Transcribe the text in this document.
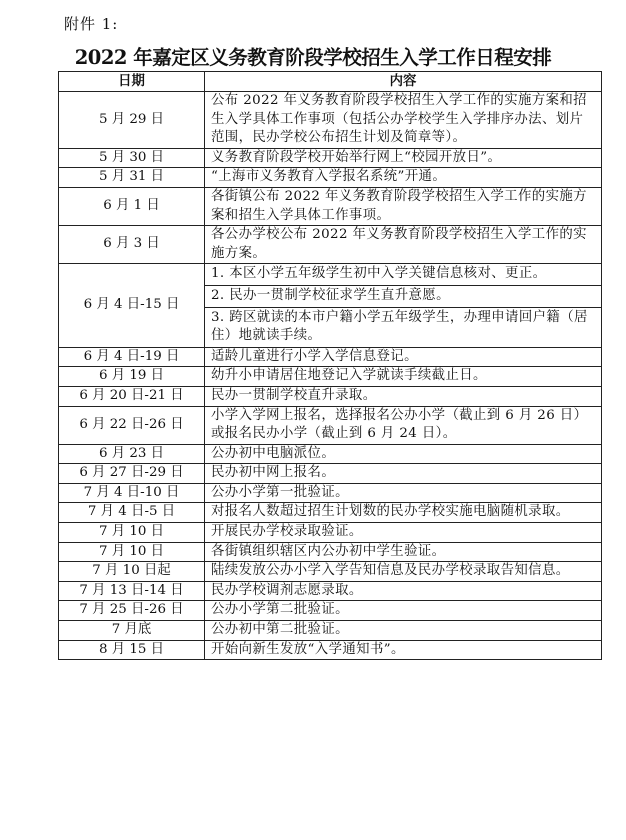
附件 1:
2022 年嘉定区义务教育阶段学校招生入学工作日程安排
日期	内容
5 月 29 日	公布 2022 年义务教育阶段学校招生入学工作的实施方案和招生入学具体工作事项（包括公办学校学生入学排序办法、划片范围，民办学校公布招生计划及简章等）。
5 月 30 日	义务教育阶段学校开始举行网上“校园开放日”。
5 月 31 日	“上海市义务教育入学报名系统”开通。
6 月 1 日	各街镇公布 2022 年义务教育阶段学校招生入学工作的实施方案和招生入学具体工作事项。
6 月 3 日	各公办学校公布 2022 年义务教育阶段学校招生入学工作的实施方案。
6 月 4 日-15 日	1. 本区小学五年级学生初中入学关键信息核对、更正。
	2. 民办一贯制学校征求学生直升意愿。
	3. 跨区就读的本市户籍小学五年级学生，办理申请回户籍（居住）地就读手续。
6 月 4 日-19 日	适龄儿童进行小学入学信息登记。
6 月 19 日	幼升小申请居住地登记入学就读手续截止日。
6 月 20 日-21 日	民办一贯制学校直升录取。
6 月 22 日-26 日	小学入学网上报名，选择报名公办小学（截止到 6 月 26 日）或报名民办小学（截止到 6 月 24 日）。
6 月 23 日	公办初中电脑派位。
6 月 27 日-29 日	民办初中网上报名。
7 月 4 日-10 日	公办小学第一批验证。
7 月 4 日-5 日	对报名人数超过招生计划数的民办学校实施电脑随机录取。
7 月 10 日	开展民办学校录取验证。
7 月 10 日	各街镇组织辖区内公办初中学生验证。
7 月 10 日起	陆续发放公办小学入学告知信息及民办学校录取告知信息。
7 月 13 日-14 日	民办学校调剂志愿录取。
7 月 25 日-26 日	公办小学第二批验证。
7 月底	公办初中第二批验证。
8 月 15 日	开始向新生发放“入学通知书”。
